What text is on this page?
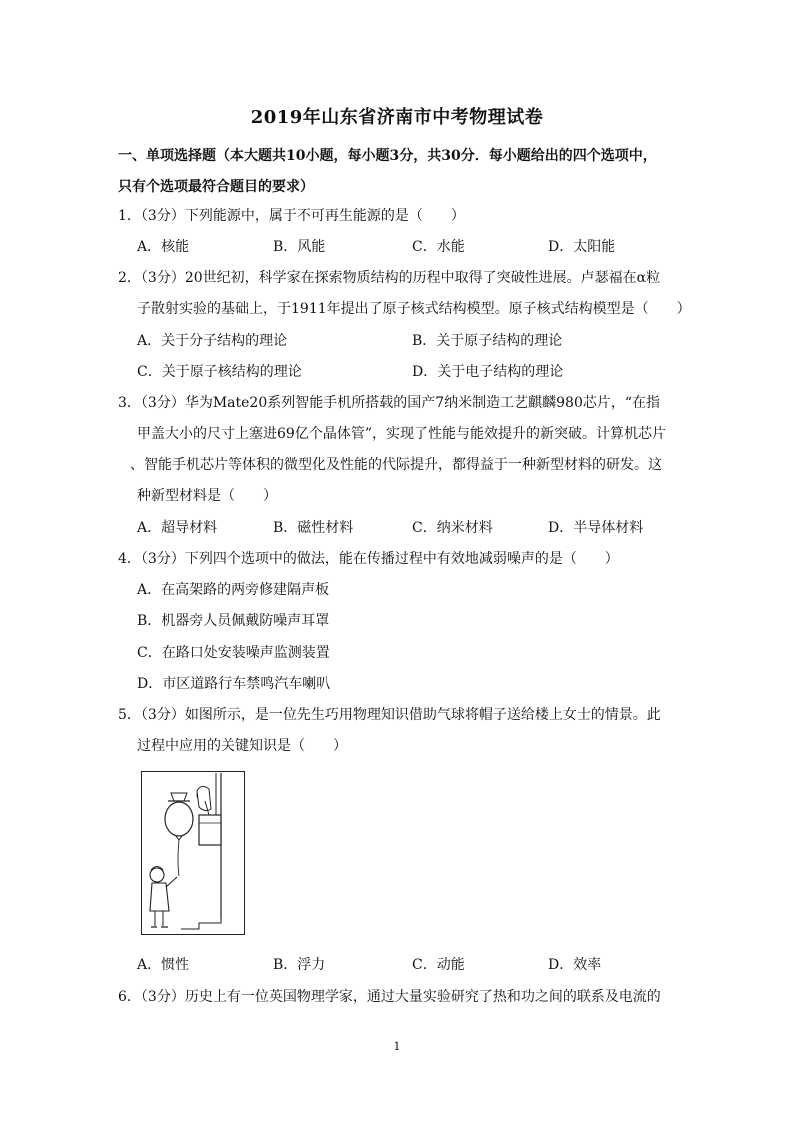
2019年山东省济南市中考物理试卷
一、单项选择题（本大题共10小题，每小题3分，共30分．每小题给出的四个选项中，
只有个选项最符合题目的要求）
1．（3分）下列能源中，属于不可再生能源的是（　　）
A．核能	B．风能	C．水能	D．太阳能
2．（3分）20世纪初，科学家在探索物质结构的历程中取得了突破性进展。卢瑟福在α粒
子散射实验的基础上，于1911年提出了原子核式结构模型。原子核式结构模型是（　　）
A．关于分子结构的理论	B．关于原子结构的理论
C．关于原子核结构的理论	D．关于电子结构的理论
3．（3分）华为Mate20系列智能手机所搭载的国产7纳米制造工艺麒麟980芯片，“在指
甲盖大小的尺寸上塞进69亿个晶体管”，实现了性能与能效提升的新突破。计算机芯片
、智能手机芯片等体积的微型化及性能的代际提升，都得益于一种新型材料的研发。这
种新型材料是（　　）
A．超导材料	B．磁性材料	C．纳米材料	D．半导体材料
4．（3分）下列四个选项中的做法，能在传播过程中有效地减弱噪声的是（　　）
A．在高架路的两旁修建隔声板
B．机器旁人员佩戴防噪声耳罩
C．在路口处安装噪声监测装置
D．市区道路行车禁鸣汽车喇叭
5．（3分）如图所示，是一位先生巧用物理知识借助气球将帽子送给楼上女士的情景。此
过程中应用的关键知识是（　　）
A．惯性	B．浮力	C．动能	D．效率
6．（3分）历史上有一位英国物理学家，通过大量实验研究了热和功之间的联系及电流的
1
